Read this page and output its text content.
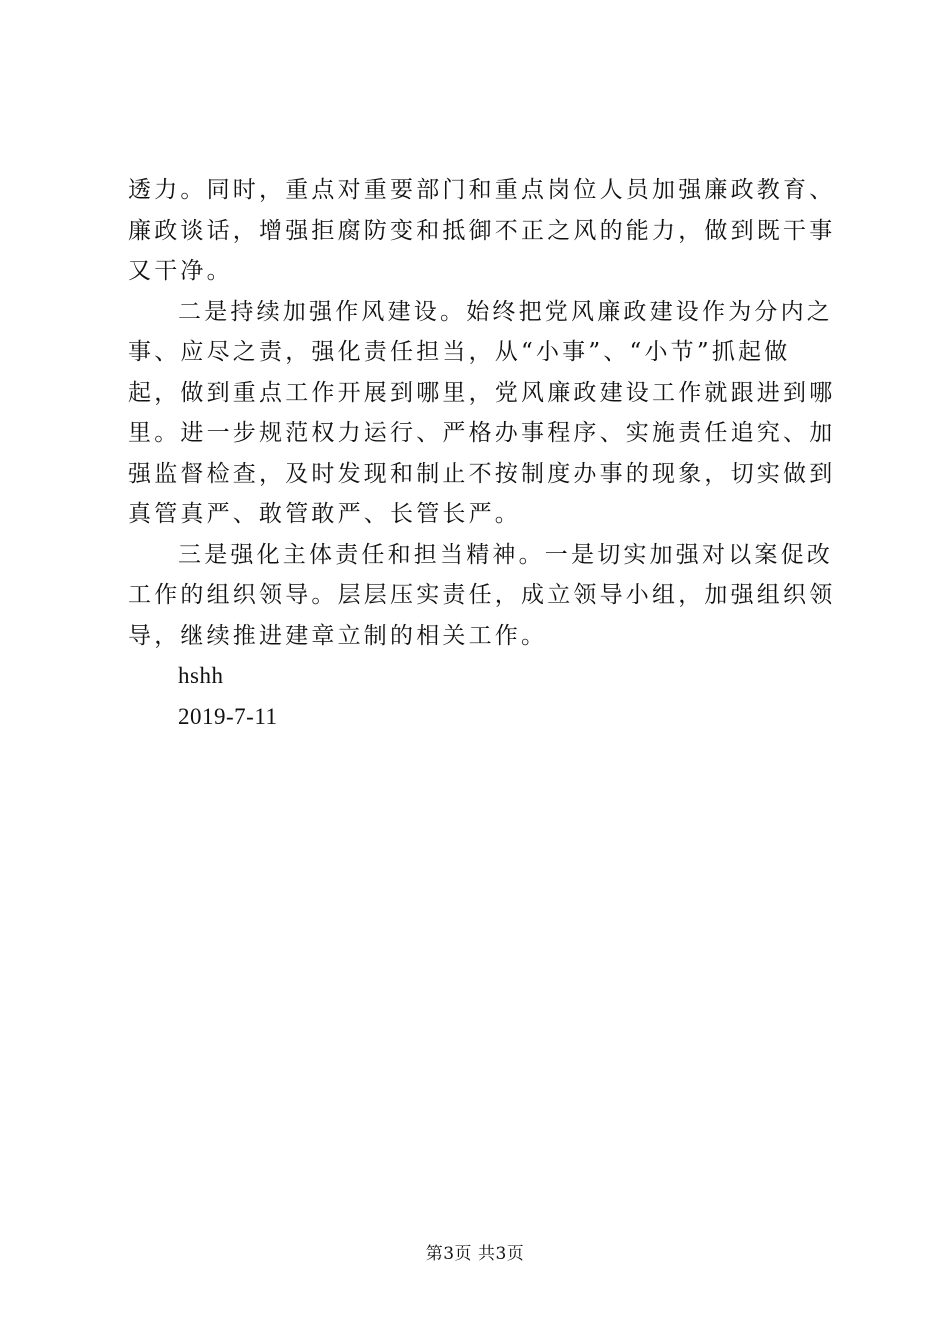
透力。同时，重点对重要部门和重点岗位人员加强廉政教育、
廉政谈话，增强拒腐防变和抵御不正之风的能力，做到既干事
又干净。
二是持续加强作风建设。始终把党风廉政建设作为分内之
事、应尽之责，强化责任担当，从“小事”、“小节”抓起做
起，做到重点工作开展到哪里，党风廉政建设工作就跟进到哪
里。进一步规范权力运行、严格办事程序、实施责任追究、加
强监督检查，及时发现和制止不按制度办事的现象，切实做到
真管真严、敢管敢严、长管长严。
三是强化主体责任和担当精神。一是切实加强对以案促改
工作的组织领导。层层压实责任，成立领导小组，加强组织领
导，继续推进建章立制的相关工作。
hshh
2019-7-11
第3页 共3页
